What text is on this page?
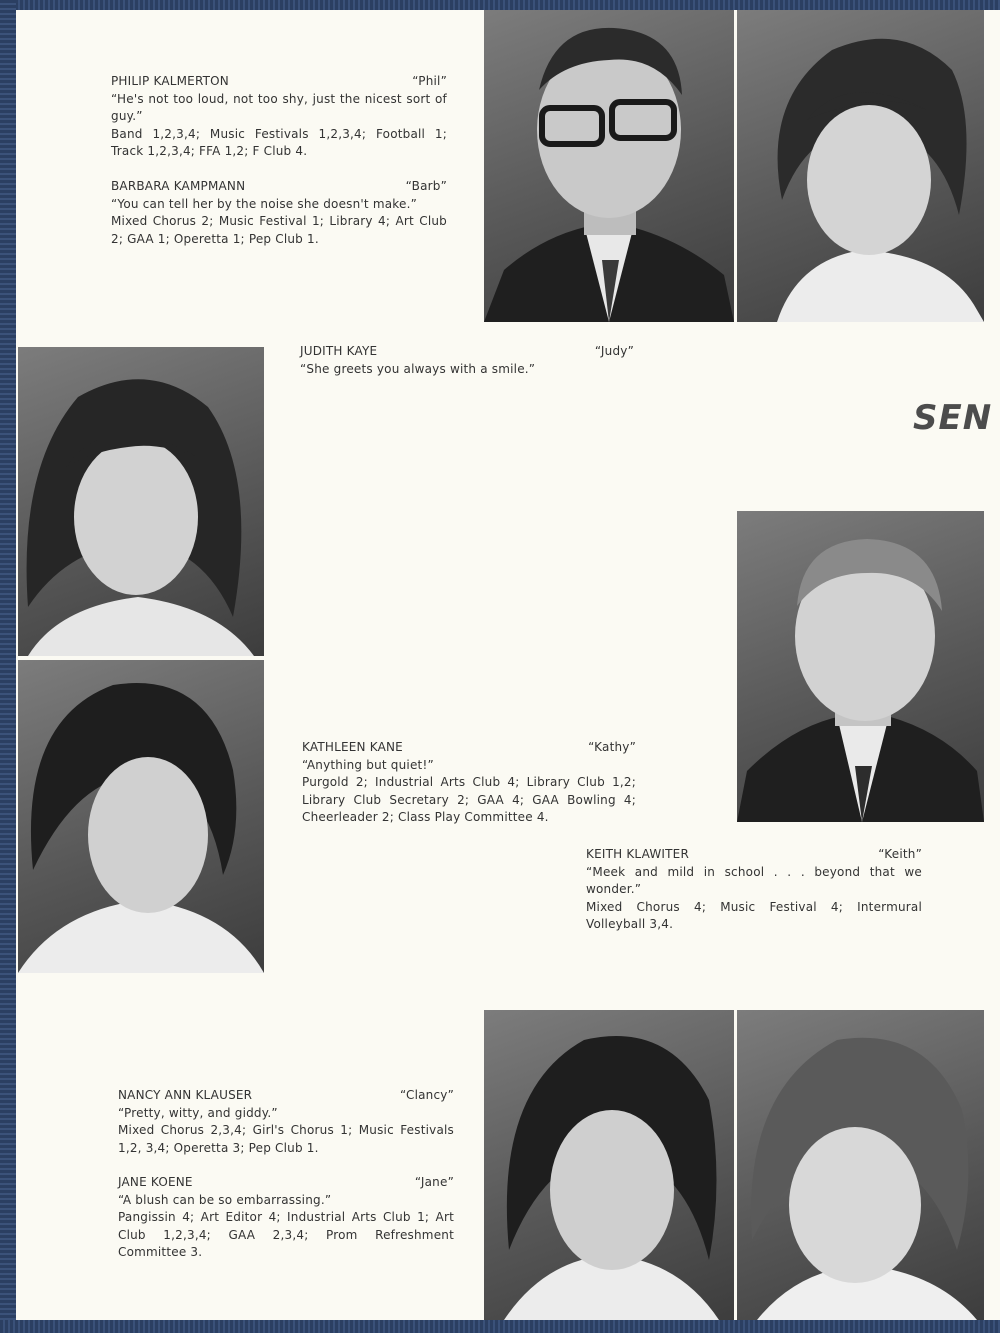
SEN
PHILIP KALMERTON	“Phil”
“He's not too loud, not too shy, just the nicest sort of guy.”

Band 1,2,3,4; Music Festivals 1,2,3,4; Football 1; Track 1,2,3,4; FFA 1,2; F Club 4.

BARBARA KAMPMANN	“Barb”
“You can tell her by the noise she doesn't make.”

Mixed Chorus 2; Music Festival 1; Library 4; Art Club 2; GAA 1; Operetta 1; Pep Club 1.

JUDITH KAYE	“Judy”
“She greets you always with a smile.”
KATHLEEN KANE	“Kathy”
“Anything but quiet!”

Purgold 2; Industrial Arts Club 4; Library Club 1,2; Library Club Secretary 2; GAA 4; GAA Bowling 4; Cheerleader 2; Class Play Committee 4.

KEITH KLAWITER	“Keith”
“Meek and mild in school . . . beyond that we wonder.”

Mixed Chorus 4; Music Festival 4; Intermural Volleyball 3,4.

NANCY ANN KLAUSER	“Clancy”
“Pretty, witty, and giddy.”

Mixed Chorus 2,3,4; Girl's Chorus 1; Music Festivals 1,2, 3,4; Operetta 3; Pep Club 1.

JANE KOENE	“Jane”
“A blush can be so embarrassing.”

Pangissin 4; Art Editor 4; Industrial Arts Club 1; Art Club 1,2,3,4; GAA 2,3,4; Prom Refreshment Committee 3.
